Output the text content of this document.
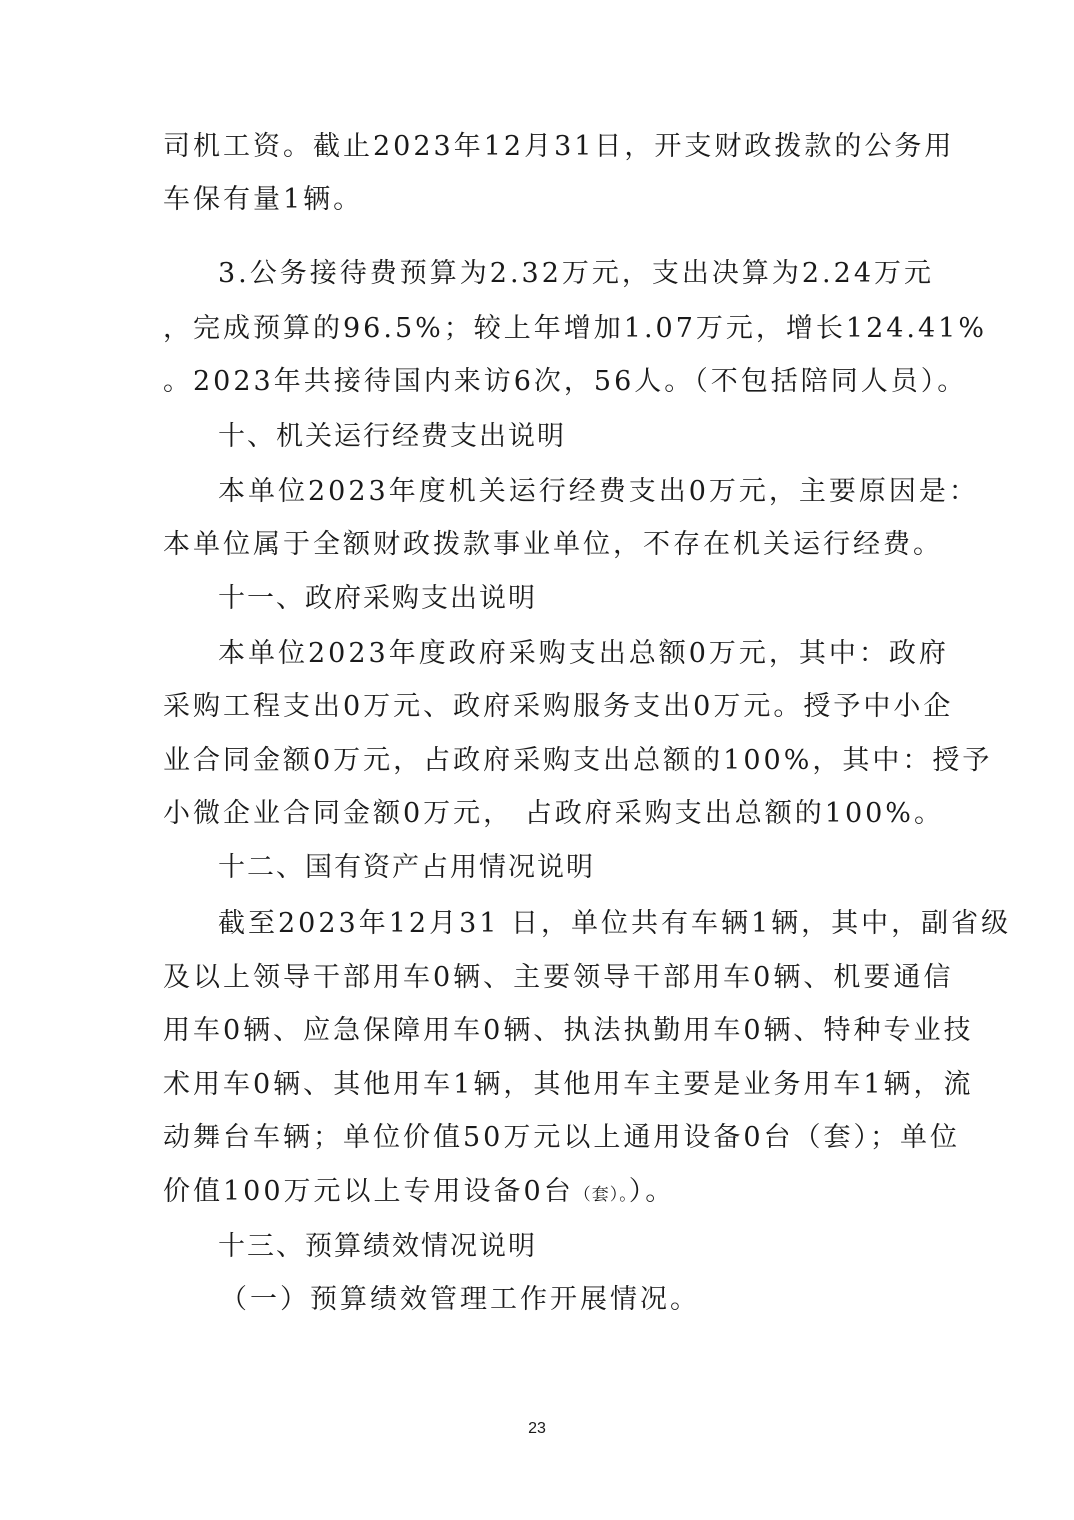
司机工资。截止2023年12月31日，开支财政拨款的公务用
车保有量1辆。
3.公务接待费预算为2.32万元，支出决算为2.24万元
，完成预算的96.5%；较上年增加1.07万元，增长124.41%
。2023年共接待国内来访6次，56人。（不包括陪同人员）。
十、机关运行经费支出说明
本单位2023年度机关运行经费支出0万元，主要原因是：
本单位属于全额财政拨款事业单位，不存在机关运行经费。
十一、政府采购支出说明
本单位2023年度政府采购支出总额0万元，其中：政府
采购工程支出0万元、政府采购服务支出0万元。授予中小企
业合同金额0万元，占政府采购支出总额的100%，其中：授予
小微企业合同金额0万元， 占政府采购支出总额的100%。
十二、国有资产占用情况说明
截至2023年12月31 日，单位共有车辆1辆，其中，副省级
及以上领导干部用车0辆、主要领导干部用车0辆、机要通信
用车0辆、应急保障用车0辆、执法执勤用车0辆、特种专业技
术用车0辆、其他用车1辆，其他用车主要是业务用车1辆，流
动舞台车辆；单位价值50万元以上通用设备0台（套）；单位
价值100万元以上专用设备0台（套）。）。
十三、预算绩效情况说明
（一）预算绩效管理工作开展情况。
23
